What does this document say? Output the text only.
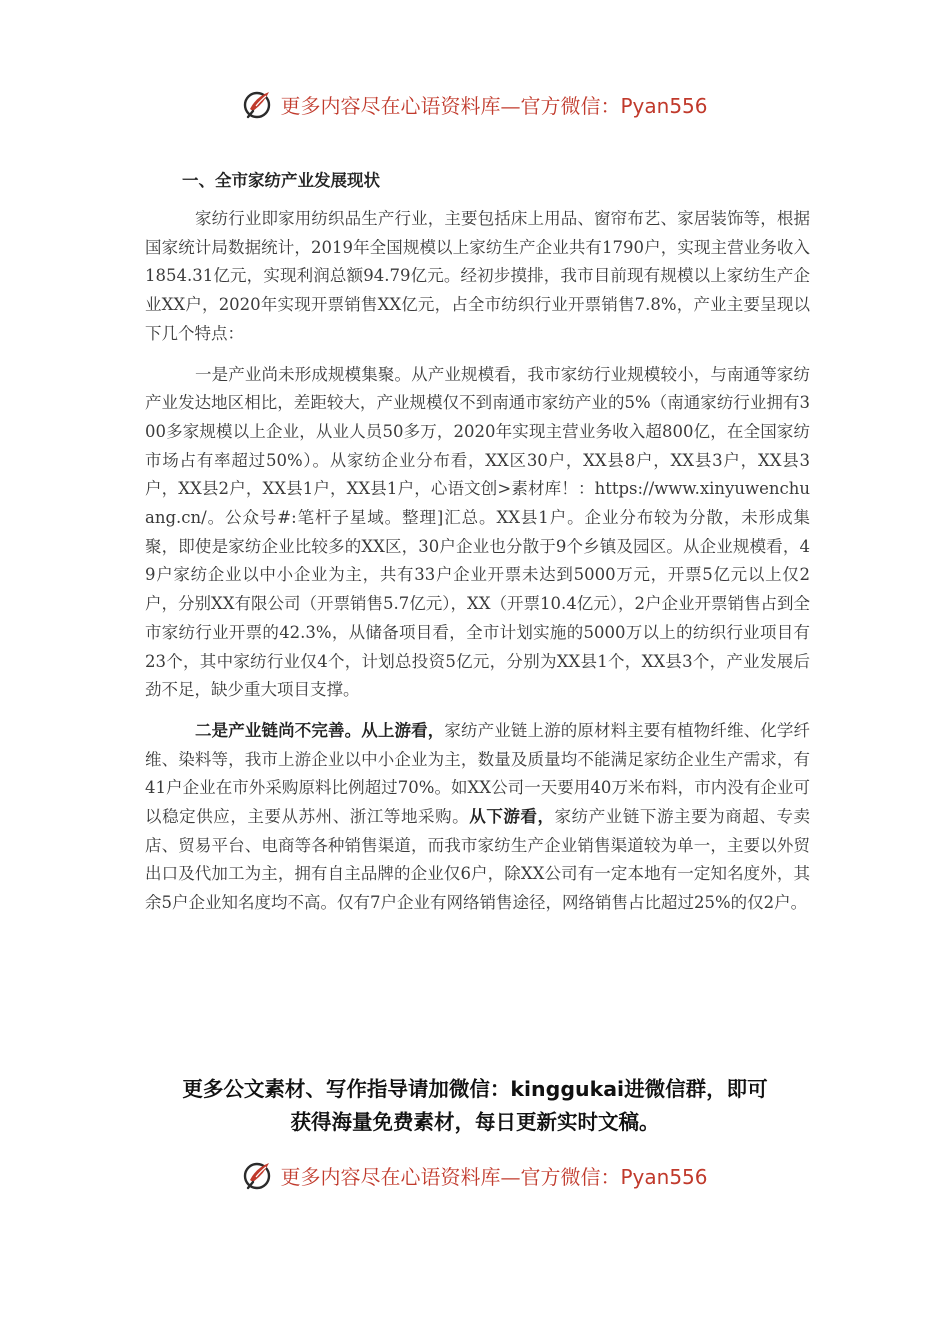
更多内容尽在心语资料库—官方微信：Pyan556
一、全市家纺产业发展现状

家纺行业即家用纺织品生产行业，主要包括床上用品、窗帘布艺、家居装饰等，根据国家统计局数据统计，2019年全国规模以上家纺生产企业共有1790户，实现主营业务收入1854.31亿元，实现利润总额94.79亿元。经初步摸排，我市目前现有规模以上家纺生产企业XX户，2020年实现开票销售XX亿元，占全市纺织行业开票销售7.8%，产业主要呈现以下几个特点：

一是产业尚未形成规模集聚。从产业规模看，我市家纺行业规模较小，与南通等家纺产业发达地区相比，差距较大，产业规模仅不到南通市家纺产业的5%（南通家纺行业拥有300多家规模以上企业，从业人员50多万，2020年实现主营业务收入超800亿，在全国家纺市场占有率超过50%）。从家纺企业分布看，XX区30户，XX县8户，XX县3户，XX县3户，XX县2户，XX县1户，XX县1户，心语文创>素材库！：https://www.xinyuwenchuang.cn/。公众号#:笔杆子星域。整理]汇总。XX县1户。企业分布较为分散，未形成集聚，即使是家纺企业比较多的XX区，30户企业也分散于9个乡镇及园区。从企业规模看，49户家纺企业以中小企业为主，共有33户企业开票未达到5000万元，开票5亿元以上仅2户，分别XX有限公司（开票销售5.7亿元），XX（开票10.4亿元），2户企业开票销售占到全市家纺行业开票的42.3%，从储备项目看，全市计划实施的5000万以上的纺织行业项目有23个，其中家纺行业仅4个，计划总投资5亿元，分别为XX县1个，XX县3个，产业发展后劲不足，缺少重大项目支撑。

二是产业链尚不完善。从上游看，家纺产业链上游的原材料主要有植物纤维、化学纤维、染料等，我市上游企业以中小企业为主，数量及质量均不能满足家纺企业生产需求，有41户企业在市外采购原料比例超过70%。如XX公司一天要用40万米布料，市内没有企业可以稳定供应，主要从苏州、浙江等地采购。从下游看，家纺产业链下游主要为商超、专卖店、贸易平台、电商等各种销售渠道，而我市家纺生产企业销售渠道较为单一，主要以外贸出口及代加工为主，拥有自主品牌的企业仅6户，除XX公司有一定本地有一定知名度外，其余5户企业知名度均不高。仅有7户企业有网络销售途径，网络销售占比超过25%的仅2户。

更多公文素材、写作指导请加微信：kinggukai进微信群，即可
获得海量免费素材，每日更新实时文稿。
更多内容尽在心语资料库—官方微信：Pyan556
